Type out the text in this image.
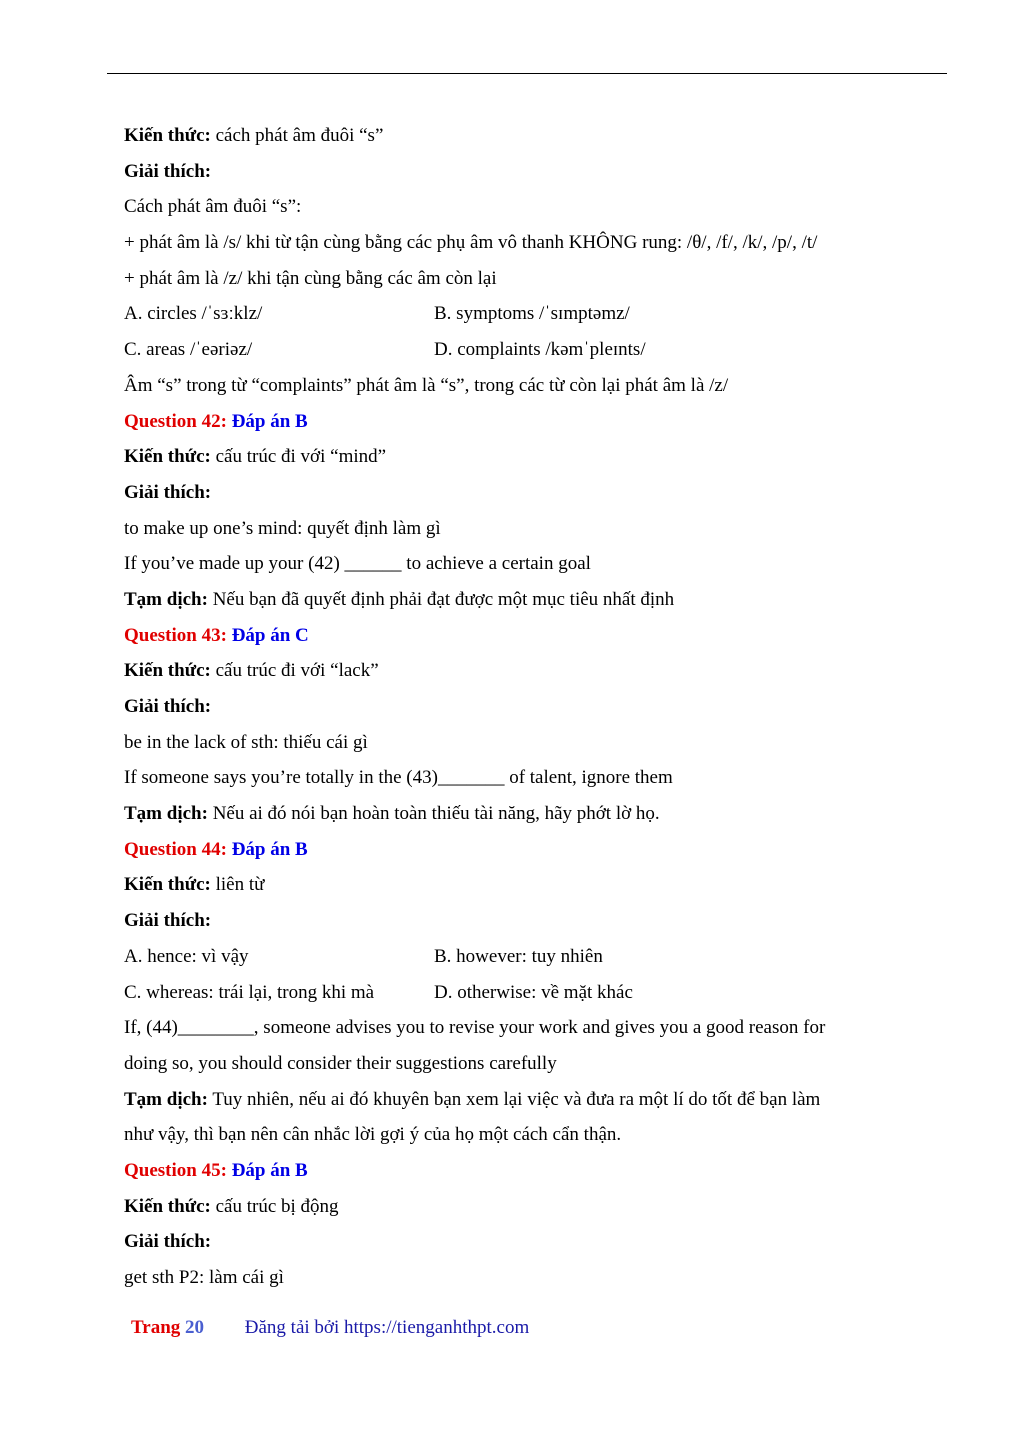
Kiến thức: cách phát âm đuôi “s”
Giải thích:
Cách phát âm đuôi “s”:
+ phát âm là /s/ khi từ tận cùng bằng các phụ âm vô thanh KHÔNG rung: /θ/, /f/, /k/, /p/, /t/
+ phát âm là /z/ khi tận cùng bằng các âm còn lại
A. circles /ˈsɜːklz/	B. symptoms /ˈsɪmptəmz/
C. areas /ˈeəriəz/	D. complaints /kəmˈpleɪnts/
Âm “s” trong từ “complaints” phát âm là “s”, trong các từ còn lại phát âm là /z/
Question 42: Đáp án B
Kiến thức: cấu trúc đi với “mind”
Giải thích:
to make up one’s mind: quyết định làm gì
If you’ve made up your (42) ______ to achieve a certain goal
Tạm dịch: Nếu bạn đã quyết định phải đạt được một mục tiêu nhất định
Question 43: Đáp án C
Kiến thức: cấu trúc đi với “lack”
Giải thích:
be in the lack of sth: thiếu cái gì
If someone says you’re totally in the (43)_______ of talent, ignore them
Tạm dịch: Nếu ai đó nói bạn hoàn toàn thiếu tài năng, hãy phớt lờ họ.
Question 44: Đáp án B
Kiến thức: liên từ
Giải thích:
A. hence: vì vậy	B. however: tuy nhiên
C. whereas: trái lại, trong khi mà	D. otherwise: về mặt khác
If, (44)________, someone advises you to revise your work and gives you a good reason for
doing so, you should consider their suggestions carefully
Tạm dịch: Tuy nhiên, nếu ai đó khuyên bạn xem lại việc và đưa ra một lí do tốt để bạn làm
như vậy, thì bạn nên cân nhắc lời gợi ý của họ một cách cẩn thận.
Question 45: Đáp án B
Kiến thức: cấu trúc bị động
Giải thích:
get sth P2: làm cái gì
Trang 20 Đăng tải bởi https://tienganhthpt.com
